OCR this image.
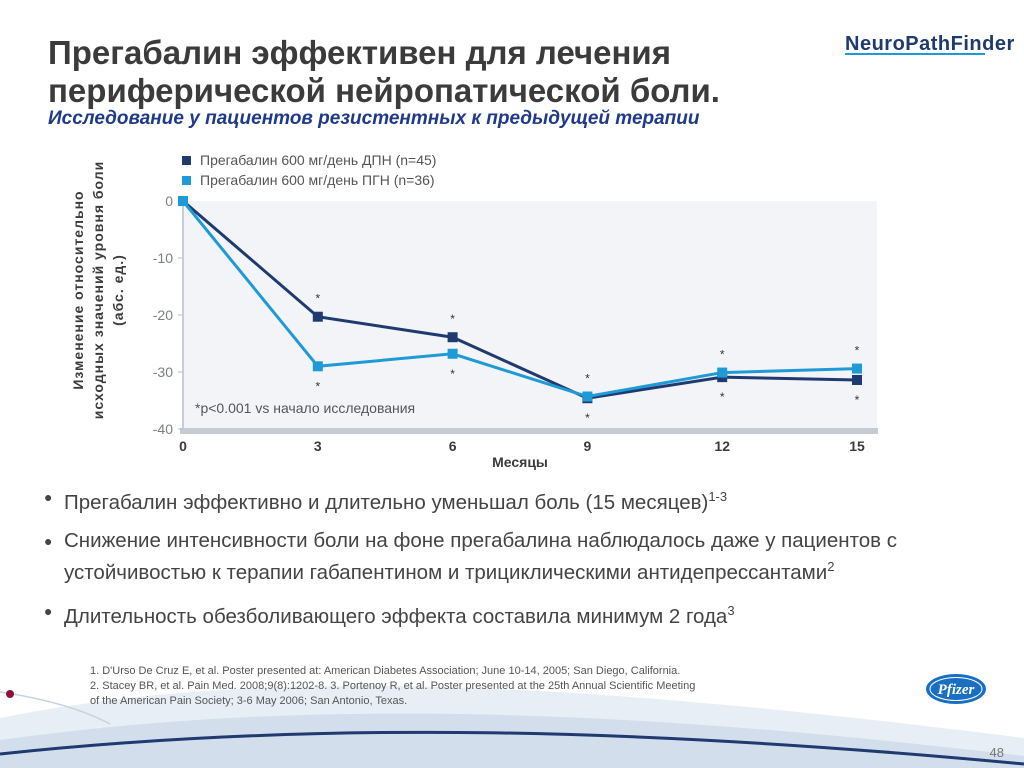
Прегабалин эффективен для лечения
периферической нейропатической боли.

Исследование у пациентов резистентных к предыдущей терапии

NeuroPathFinder
Прегабалин 600 мг/день ДПН (n=45)
Прегабалин 600 мг/день ПГН (n=36)
Изменение относительно исходных значений уровня боли (абс. ед.)
0
-10
-20
-30
-40
0	3	6	9	12	15
Месяцы
*p<0.001 vs начало исследования
*
*
*
*	*
*
*
*
*
*
● Прегабалин эффективно и длительно уменьшал боль (15 месяцев)$^{1-3}$
● Снижение интенсивности боли на фоне прегабалина наблюдалось даже у пациентов с устойчивостью к терапии габапентином и трициклическими антидепрессантами$^2$
● Длительность обезболивающего эффекта составила минимум 2 года$^3$

1. D'Urso De Cruz E, et al. Poster presented at: American Diabetes Association; June 10-14, 2005; San Diego, California.
2. Stacey BR, et al. Pain Med. 2008;9(8):1202-8. 3. Portenoy R, et al. Poster presented at the 25th Annual Scientific Meeting
of the American Pain Society; 3-6 May 2006; San Antonio, Texas.

Pfizer
48
